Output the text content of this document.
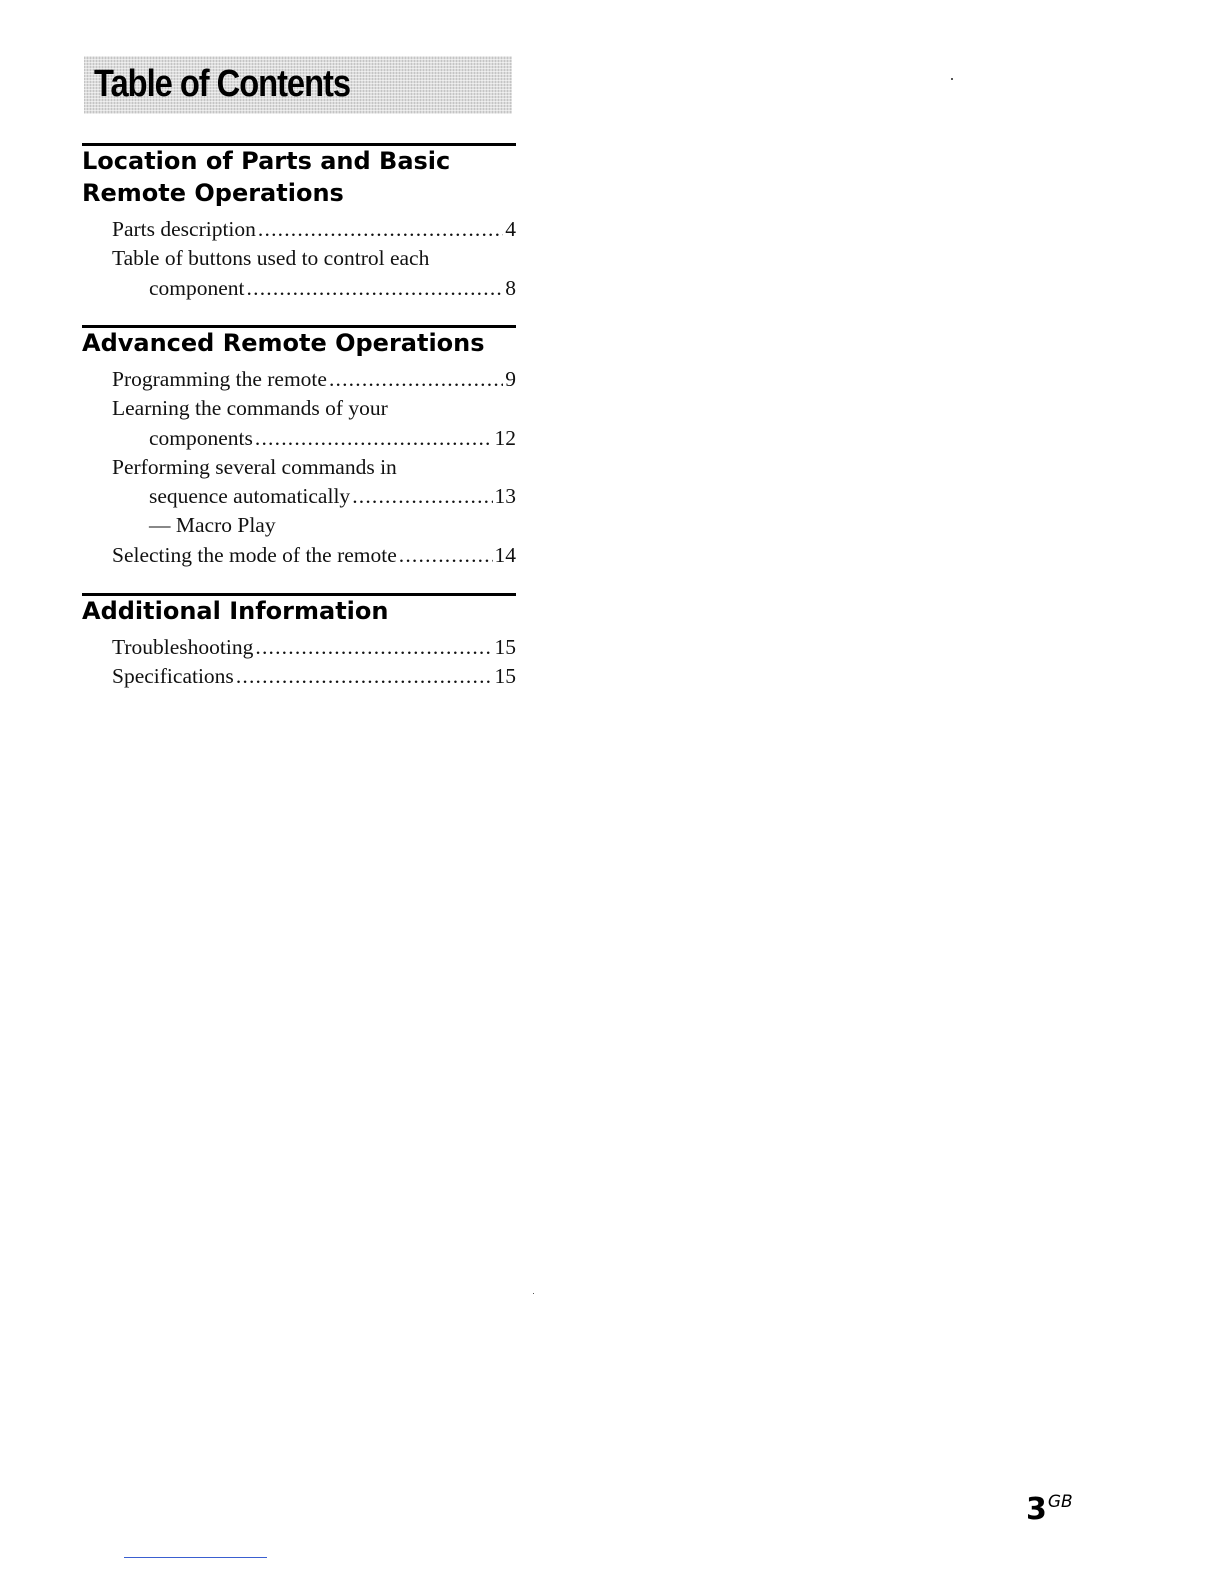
Table of Contents
Location of Parts and Basic
Remote Operations
Parts description .....	4
Table of buttons used to control each
component .....	8
Advanced Remote Operations
Programming the remote .....	9
Learning the commands of your
components .....	12
Performing several commands in
sequence automatically .....	13
— Macro Play
Selecting the mode of the remote .....	14
Additional Information
Troubleshooting .....	15
Specifications .....	15
$3^{GB}$
